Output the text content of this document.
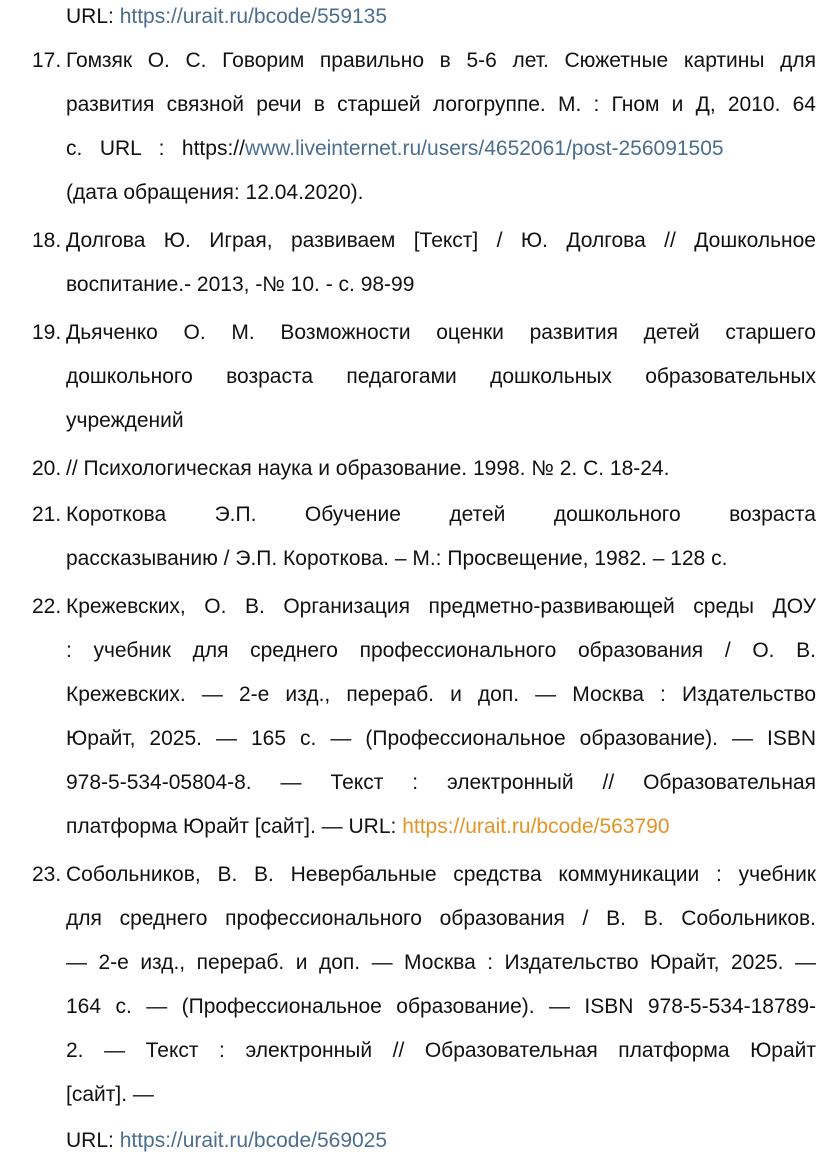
URL: https://urait.ru/bcode/559135
17. Гомзяк О. С. Говорим правильно в 5-6 лет. Сюжетные картины для
развития связной речи в старшей логогруппе. М. : Гном и Д, 2010. 64
с.   URL   :   https://www.liveinternet.ru/users/4652061/post-256091505
(дата обращения: 12.04.2020).
18. Долгова Ю. Играя, развиваем [Текст] / Ю. Долгова // Дошкольное
воспитание.- 2013, -№ 10. - с. 98-99
19. Дьяченко О. М. Возможности оценки развития детей старшего
дошкольного возраста педагогами дошкольных образовательных
учреждений
20. // Психологическая наука и образование. 1998. № 2. С. 18-24.
21. Короткова Э.П. Обучение детей дошкольного возраста
рассказыванию / Э.П. Короткова. – М.: Просвещение, 1982. – 128 с.
22. Крежевских, О. В. Организация предметно-развивающей среды ДОУ
: учебник для среднего профессионального образования / О. В.
Крежевских. — 2-е изд., перераб. и доп. — Москва : Издательство
Юрайт, 2025. — 165 с. — (Профессиональное образование). — ISBN
978-5-534-05804-8. — Текст : электронный // Образовательная
платформа Юрайт [сайт]. — URL: https://urait.ru/bcode/563790
23. Собольников, В. В. Невербальные средства коммуникации : учебник
для среднего профессионального образования / В. В. Собольников.
— 2-е изд., перераб. и доп. — Москва : Издательство Юрайт, 2025. —
164 с. — (Профессиональное образование). — ISBN 978-5-534-18789-
2. — Текст : электронный // Образовательная платформа Юрайт
[сайт]. —
URL: https://urait.ru/bcode/569025
